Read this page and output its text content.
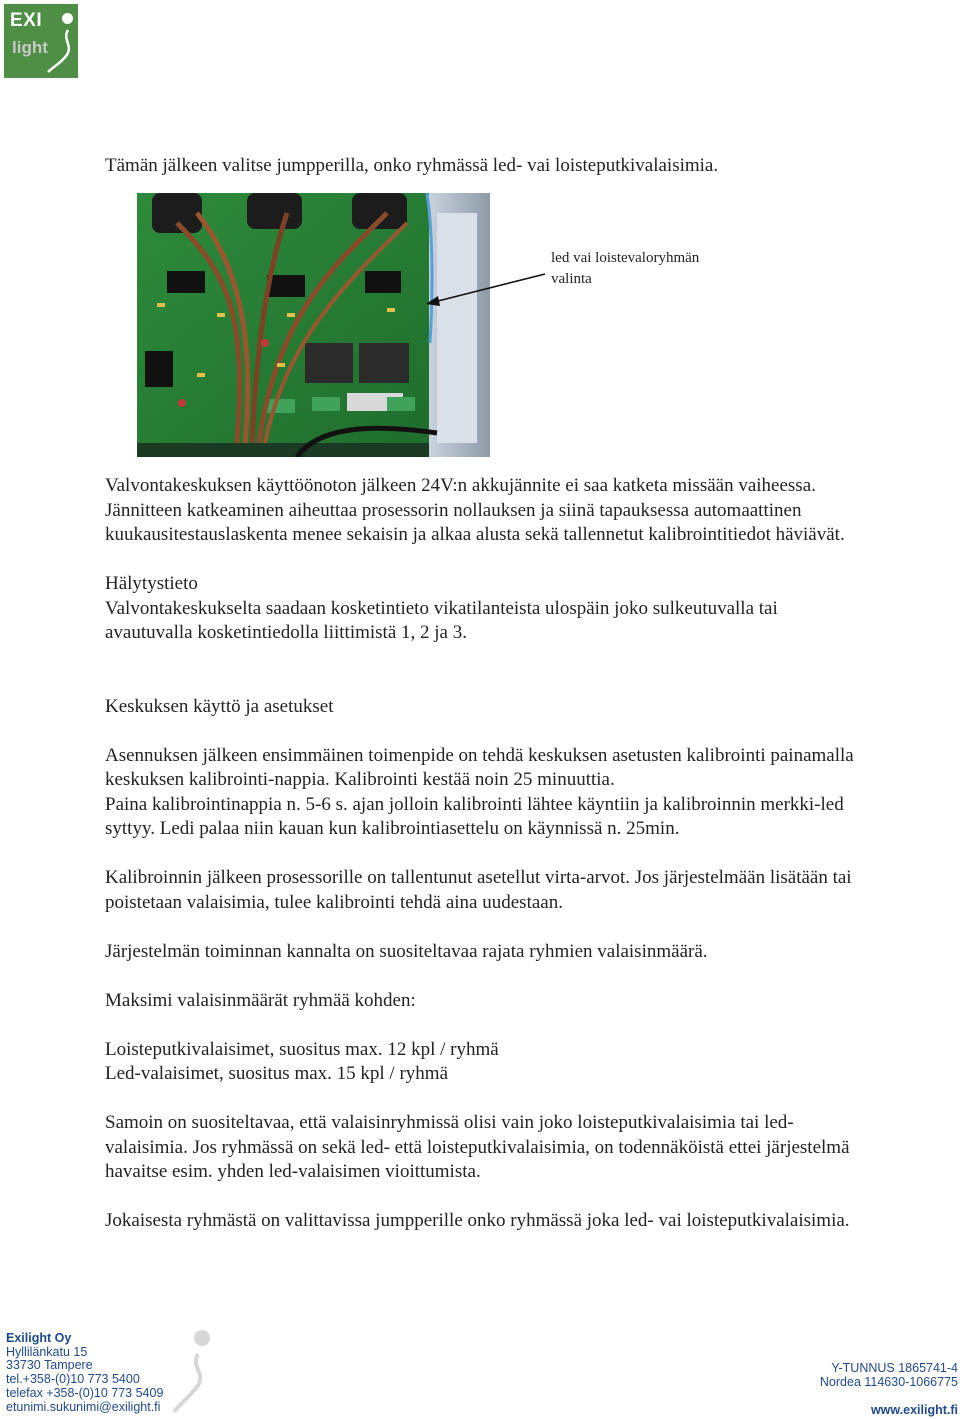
EXI
light

Tämän jälkeen valitse jumpperilla, onko ryhmässä led- vai loisteputkivalaisimia.

led vai loistevaloryhmän
valinta
Valvontakeskuksen käyttöönoton jälkeen 24V:n akkujännite ei saa katketa missään vaiheessa.
Jännitteen katkeaminen aiheuttaa prosessorin nollauksen ja siinä tapauksessa automaattinen
kuukausitestauslaskenta menee sekaisin ja alkaa alusta sekä tallennetut kalibrointitiedot häviävät.
Hälytystieto
Valvontakeskukselta saadaan kosketintieto vikatilanteista ulospäin joko sulkeutuvalla tai
avautuvalla kosketintiedolla liittimistä 1, 2 ja 3.
Keskuksen käyttö ja asetukset
Asennuksen jälkeen ensimmäinen toimenpide on tehdä keskuksen asetusten kalibrointi painamalla
keskuksen kalibrointi-nappia. Kalibrointi kestää noin 25 minuuttia.
Paina kalibrointinappia n. 5-6 s. ajan jolloin kalibrointi lähtee käyntiin ja kalibroinnin merkki-led
syttyy. Ledi palaa niin kauan kun kalibrointiasettelu on käynnissä n. 25min.
Kalibroinnin jälkeen prosessorille on tallentunut asetellut virta-arvot. Jos järjestelmään lisätään tai
poistetaan valaisimia, tulee kalibrointi tehdä aina uudestaan.
Järjestelmän toiminnan kannalta on suositeltavaa rajata ryhmien valaisinmäärä.
Maksimi valaisinmäärät ryhmää kohden:
Loisteputkivalaisimet, suositus max. 12 kpl / ryhmä
Led-valaisimet, suositus max. 15 kpl / ryhmä
Samoin on suositeltavaa, että valaisinryhmissä olisi vain joko loisteputkivalaisimia tai led-
valaisimia. Jos ryhmässä on sekä led- että loisteputkivalaisimia, on todennäköistä ettei järjestelmä
havaitse esim. yhden led-valaisimen vioittumista.
Jokaisesta ryhmästä on valittavissa jumpperille onko ryhmässä joka led- vai loisteputkivalaisimia.
Exilight Oy
Hyllilänkatu 15
33730 Tampere
tel.+358-(0)10 773 5400
telefax +358-(0)10 773 5409
etunimi.sukunimi@exilight.fi
Y-TUNNUS 1865741-4
Nordea 114630-1066775
www.exilight.fi
